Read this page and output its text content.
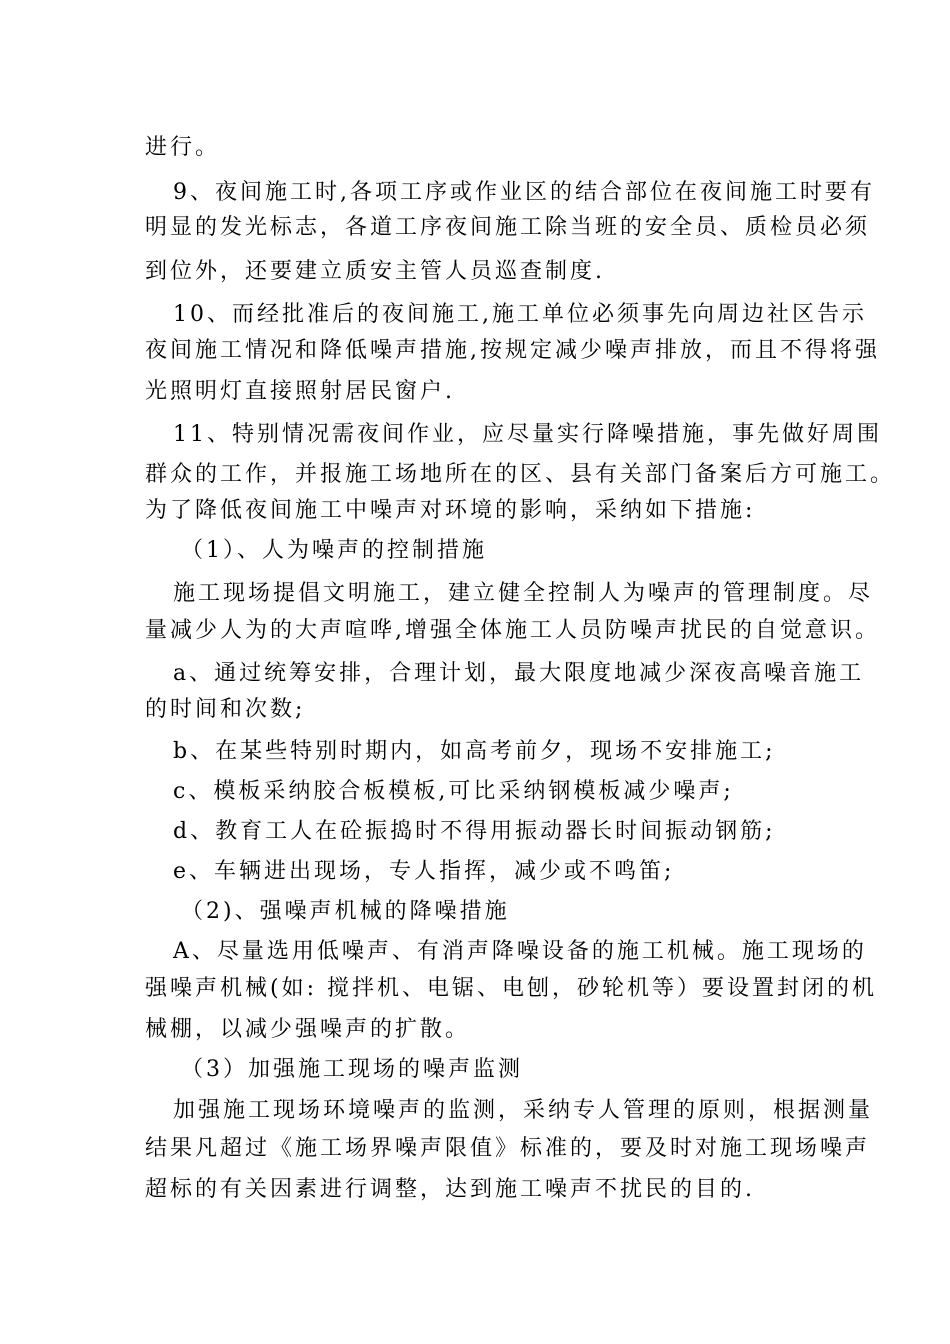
进行。
9、夜间施工时,各项工序或作业区的结合部位在夜间施工时要有
明显的发光标志，各道工序夜间施工除当班的安全员、质检员必须
到位外，还要建立质安主管人员巡查制度.
10、而经批准后的夜间施工,施工单位必须事先向周边社区告示
夜间施工情况和降低噪声措施,按规定减少噪声排放，而且不得将强
光照明灯直接照射居民窗户.
11、特别情况需夜间作业，应尽量实行降噪措施，事先做好周围
群众的工作，并报施工场地所在的区、县有关部门备案后方可施工。
为了降低夜间施工中噪声对环境的影响，采纳如下措施:
（1）、人为噪声的控制措施
施工现场提倡文明施工，建立健全控制人为噪声的管理制度。尽
量减少人为的大声喧哗,增强全体施工人员防噪声扰民的自觉意识。
a、通过统筹安排，合理计划，最大限度地减少深夜高噪音施工
的时间和次数;
b、在某些特别时期内，如高考前夕，现场不安排施工;
c、模板采纳胶合板模板,可比采纳钢模板减少噪声;
d、教育工人在砼振捣时不得用振动器长时间振动钢筋;
e、车辆进出现场，专人指挥，减少或不鸣笛;
（2)、强噪声机械的降噪措施
A、尽量选用低噪声、有消声降噪设备的施工机械。施工现场的
强噪声机械(如: 搅拌机、电锯、电刨，砂轮机等）要设置封闭的机
械棚，以减少强噪声的扩散。
（3）加强施工现场的噪声监测
加强施工现场环境噪声的监测，采纳专人管理的原则，根据测量
结果凡超过《施工场界噪声限值》标准的，要及时对施工现场噪声
超标的有关因素进行调整，达到施工噪声不扰民的目的.
